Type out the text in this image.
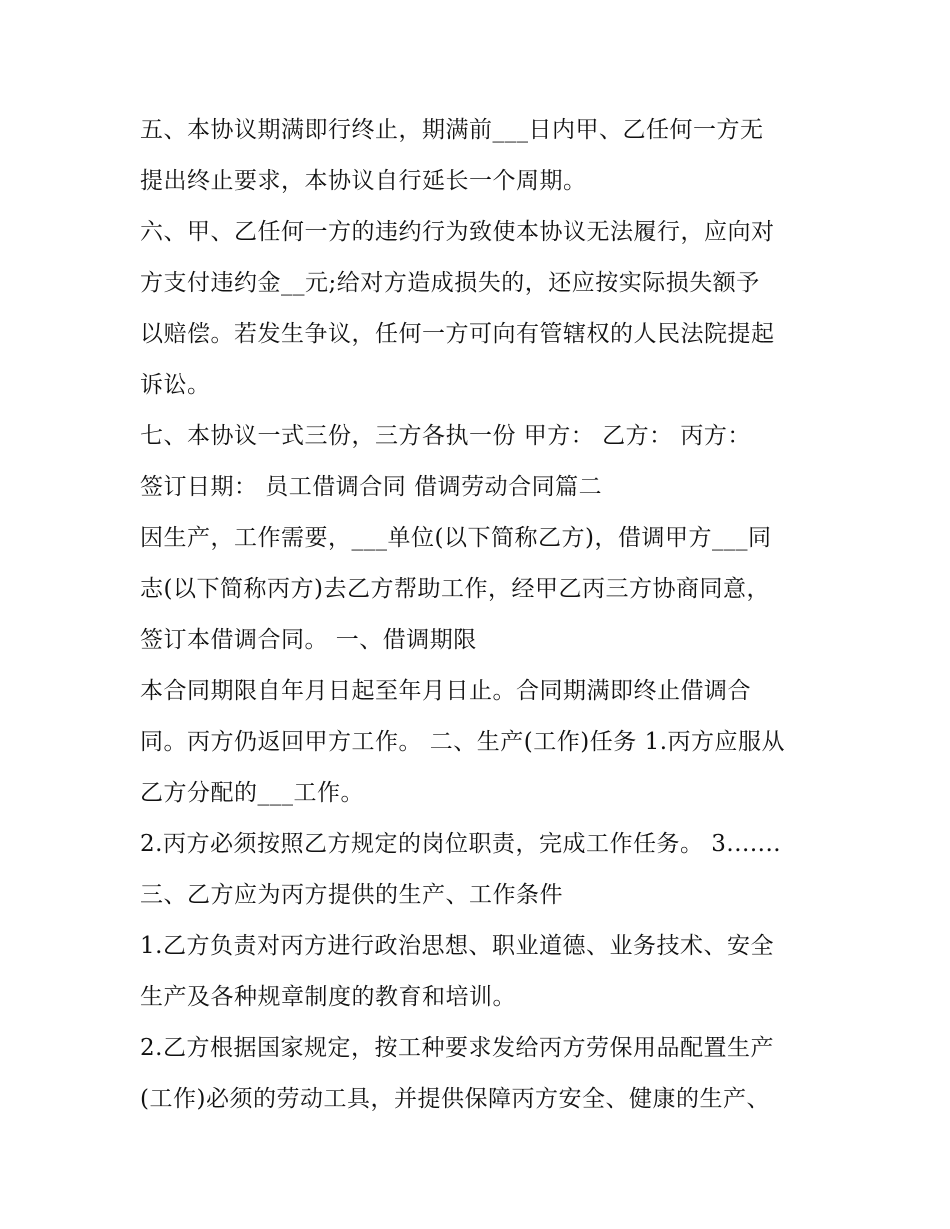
五、本协议期满即行终止，期满前___日内甲、乙任何一方无
提出终止要求，本协议自行延长一个周期。
六、甲、乙任何一方的违约行为致使本协议无法履行，应向对
方支付违约金__元;给对方造成损失的，还应按实际损失额予
以赔偿。若发生争议，任何一方可向有管辖权的人民法院提起
诉讼。
七、本协议一式三份，三方各执一份 甲方： 乙方： 丙方：
签订日期： 员工借调合同 借调劳动合同篇二
因生产，工作需要，___单位(以下简称乙方)，借调甲方___同
志(以下简称丙方)去乙方帮助工作，经甲乙丙三方协商同意，
签订本借调合同。 一、借调期限
本合同期限自年月日起至年月日止。合同期满即终止借调合
同。丙方仍返回甲方工作。 二、生产(工作)任务 1.丙方应服从
乙方分配的___工作。
2.丙方必须按照乙方规定的岗位职责，完成工作任务。 3.......
三、乙方应为丙方提供的生产、工作条件
1.乙方负责对丙方进行政治思想、职业道德、业务技术、安全
生产及各种规章制度的教育和培训。
2.乙方根据国家规定，按工种要求发给丙方劳保用品配置生产
(工作)必须的劳动工具，并提供保障丙方安全、健康的生产、
